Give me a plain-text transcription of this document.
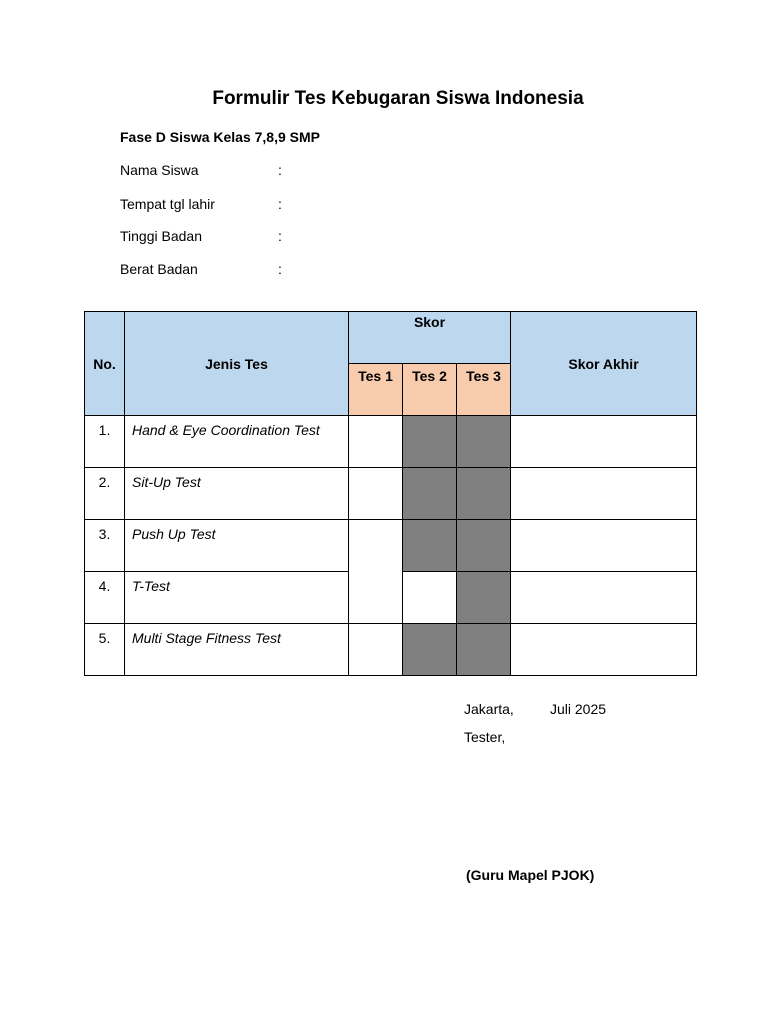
Formulir Tes Kebugaran Siswa Indonesia
Fase D Siswa Kelas 7,8,9 SMP
Nama Siswa	:
Tempat tgl lahir	:
Tinggi Badan	:
Berat Badan	:
No.	Jenis Tes	Skor			Skor Akhir
		Tes 1	Tes 2	Tes 3	
1.	Hand & Eye Coordination Test				
2.	Sit-Up Test				
3.	Push Up Test				
4.	T-Test				
5.	Multi Stage Fitness Test				
Jakarta,	Juli 2025
Tester,
(Guru Mapel PJOK)
